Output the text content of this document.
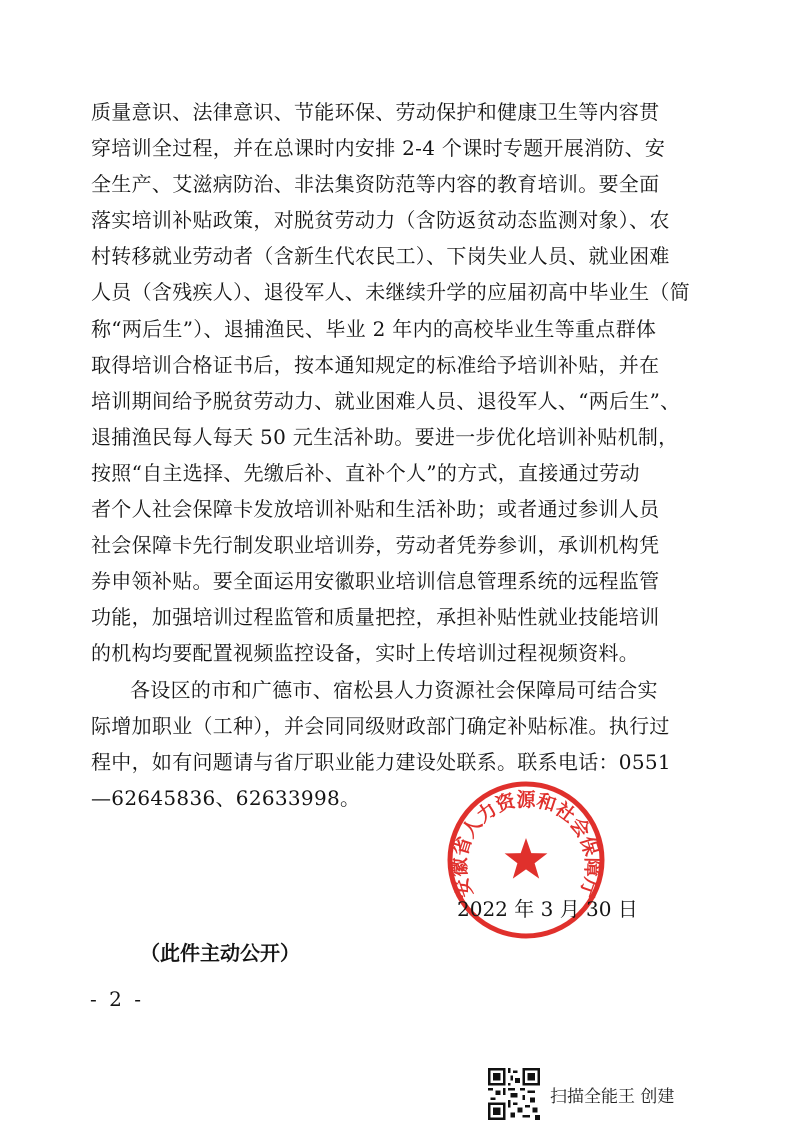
质量意识、法律意识、节能环保、劳动保护和健康卫生等内容贯
穿培训全过程，并在总课时内安排 2-4 个课时专题开展消防、安
全生产、艾滋病防治、非法集资防范等内容的教育培训。要全面
落实培训补贴政策，对脱贫劳动力（含防返贫动态监测对象）、农
村转移就业劳动者（含新生代农民工）、下岗失业人员、就业困难
人员（含残疾人）、退役军人、未继续升学的应届初高中毕业生（简
称“两后生”）、退捕渔民、毕业 2 年内的高校毕业生等重点群体
取得培训合格证书后，按本通知规定的标准给予培训补贴，并在
培训期间给予脱贫劳动力、就业困难人员、退役军人、“两后生”、
退捕渔民每人每天 50 元生活补助。要进一步优化培训补贴机制，
按照“自主选择、先缴后补、直补个人”的方式，直接通过劳动
者个人社会保障卡发放培训补贴和生活补助；或者通过参训人员
社会保障卡先行制发职业培训券，劳动者凭券参训，承训机构凭
券申领补贴。要全面运用安徽职业培训信息管理系统的远程监管
功能，加强培训过程监管和质量把控，承担补贴性就业技能培训
的机构均要配置视频监控设备，实时上传培训过程视频资料。
各设区的市和广德市、宿松县人力资源社会保障局可结合实
际增加职业（工种），并会同同级财政部门确定补贴标准。执行过
程中，如有问题请与省厅职业能力建设处联系。联系电话：0551
—62645836、62633998。
安徽省人力资源和社会保障厅
2022 年 3 月 30 日
（此件主动公开）
- 2 -
扫描全能王 创建
